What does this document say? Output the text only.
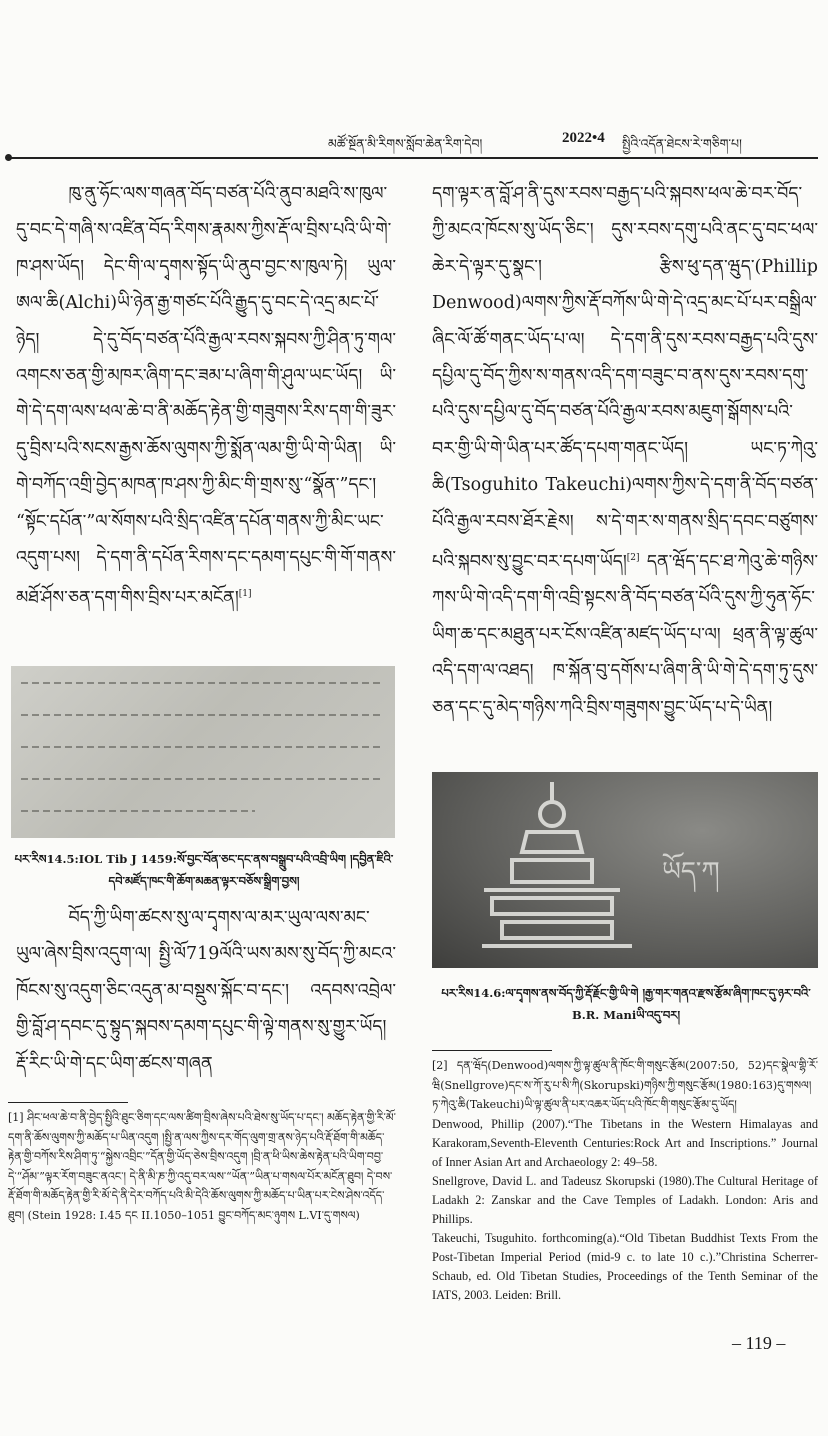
མཚོ་སྔོན་མི་རིགས་སློབ་ཆེན་རིག་དེབ།	2022•4 སྤྱིའི་འདོན་ཐེངས་རེ་གཅིག་པ།

ཁུ་ནུ་ཧོང་ལས་གཞན་བོད་བཙན་པོའི་ནུབ་མཐའི་ས་ཁུལ་དུ་བང་དེ་གཞི་ས་འཛིན་བོད་རིགས་རྣམས་ཀྱིས་རྡོ་ལ་བྲིས་པའི་ཡི་གེ་ཁ་ཤས་ཡོད། དེང་གི་ལ་དྭགས་སྟོད་ཡི་ནུབ་བྱང་ས་ཁུལ་ཏེ། ཡུལ་ཨལ་ཆི(Alchi)ཡི་ཉེན་རྒྱ་གཙང་པོའི་རྒྱུད་དུ་བང་དེ་འདྲ་མང་པོ་ཉེད། དེ་དུ་བོད་བཙན་པོའི་རྒྱལ་རབས་སྐབས་ཀྱི་ཤིན་ཏུ་གལ་འགངས་ཅན་གྱི་མཁར་ཞིག་དང་ཟམ་པ་ཞིག་གི་ཤུལ་ཡང་ཡོད། ཡི་གེ་དེ་དག་ལས་ཕལ་ཆེ་བ་ནི་མཆོད་རྟེན་གྱི་གཟུགས་རིས་དག་གི་ཟུར་དུ་བྲིས་པའི་སངས་རྒྱས་ཆོས་ལུགས་ཀྱི་སྨོན་ལམ་གྱི་ཡི་གེ་ཡིན། ཡི་གེ་བཀོད་འགྲི་བྱེད་མཁན་ཁ་ཤས་ཀྱི་མིང་གི་གྲས་སུ་“སྣོན་”དང་། “སྟོང་དཔོན་”ལ་སོགས་པའི་སྲིད་འཛིན་དཔོན་གནས་ཀྱི་མིང་ཡང་འདུག་པས། དེ་དག་ནི་དཔོན་རིགས་དང་དམག་དཔུང་གི་གོ་གནས་མཐོ་ཤོས་ཅན་དག་གིས་བྲིས་པར་མངོན།[1]

པར་རིས14.5:IOL Tib J 1459:སོ་བྱང་བོན་ཅང་དང་ནས་བསྒྲུབ་པའི་འབྲི་ཡིག །དབྱིན་ཇིའི་དབེ་མཛོད་ཁང་གི་ཆོག་མཆན་ལྟར་བཅོས་སྒྲིག་བྱས།

བོད་ཀྱི་ཡིག་ཚངས་སུ་ལ་དྭགས་ལ་མར་ཡུལ་ལས་མང་ཡུལ་ཞེས་བྲིས་འདུག་ལ། སྤྱི་ལོ719ལོའི་ཡས་མས་སུ་བོད་ཀྱི་མངའ་ཁོངས་སུ་འདུག་ཅིང་འདུན་མ་བསྡུས་སྐོང་བ་དང་། འདབས་འབྲེལ་གྱི་བློ་ཤ་དབང་དུ་སྟུད་སྐབས་དམག་དཔུང་གི་ལྟེ་གནས་སུ་གྱུར་ཡོད། རྡོ་རིང་ཡི་གེ་དང་ཡིག་ཚངས་གཞན

[1] ཤིང་ཕལ་ཆེ་བ་ནི་བྱེད་སྤྱིའི་ཐུང་ཅིག་དང་ལས་ཚིག་བྲིས་ཞེས་པའི་ཐེས་སུ་ཡོད་པ་དང་། མཆོད་རྟེན་གྱི་རི་མོ་དག་ནི་ཆོས་ལུགས་ཀྱི་མཆོད་པ་ཡིན་འདུག །སྤྱི་ན་ལས་ཀྱིས་དར་གོད་ལུག་གྲ་ནས་ཉེད་པའི་རྡོ་ཐོག་གི་མཆོད་རྟེན་གྱི་བཀོས་རིས་ཤིག་ཏུ་“སྐྱེས་འབྲིང་”དོན་གྱི་ཡོད་ཅེས་བྲིས་འདུག །བྲི་ན་ཕི་ཡིས་ཆེས་རྟེན་པའི་ཡིག་བབྱ་དེ་“ཤོམ་”ལྟར་རོག་བཟུང་ནའང་། དེ་ནི་མི་ཎ་ཀྱི་འདུ་བར་ལས་“ཡོན་”ཡིན་པ་གསལ་པོར་མངོན་ཐུབ། དེ་བས་རྡོ་ཐོག་གི་མཆོད་རྟེན་གྱི་རི་མོ་དེ་ནི་དེར་བཀོད་པའི་མི་དེའི་ཆོས་ལུགས་ཀྱི་མཆོད་པ་ཡིན་པར་ངེས་ཤེས་འདོད་ཐུབ། (Stein 1928: I.45 དང II.1050–1051 བྱུང་བཀོད་མང་ཉུགས L.VI་དུ་གསལ)

དག་ལྟར་ན་བློ་ཤ་ནི་དུས་རབས་བརྒྱད་པའི་སྐབས་ཕལ་ཆེ་བར་བོད་ཀྱི་མངའ་ཁོངས་སུ་ཡོད་ཅིང་། དུས་རབས་དགུ་པའི་ནང་དུ་བང་ཕལ་ཆེར་དེ་ལྟར་དུ་སྣང་། རྩིས་ཕུ་དན་ཝུད་(Phillip Denwood)ལགས་ཀྱིས་རྡོ་བཀོས་ཡི་གེ་དེ་འདྲ་མང་པོ་པར་བསྒྲིལ་ཞིང་ལོ་ཚོ་གནང་ཡོད་པ་ལ། དེ་དག་ནི་དུས་རབས་བརྒྱད་པའི་དུས་དཔྱིལ་དུ་བོད་ཀྱིས་ས་གནས་འདི་དག་བཟུང་བ་ནས་དུས་རབས་དགུ་པའི་དུས་དཔྱིལ་དུ་བོད་བཙན་པོའི་རྒྱལ་རབས་མཇུག་སྒོགས་པའི་བར་གྱི་ཡི་གེ་ཡིན་པར་ཚོད་དཔག་གནང་ཡོད། ཡང་ཏ་ཀེའུ་ཆི(Tsoguhito Takeuchi)ལགས་ཀྱིས་དེ་དག་ནི་བོད་བཙན་པོའི་རྒྱལ་རབས་ཐོར་རྗེས། ས་དེ་གར་ས་གནས་སྲིད་དབང་བཙུགས་པའི་སྐབས་སུ་བྱུང་བར་དཔག་ཡོད།[2] དན་ཝོད་དང་ཐ་ཀེའུ་ཆེ་གཉིས་ཀས་ཡི་གེ་འདི་དག་གི་འབྲི་སྟངས་ནི་བོད་བཙན་པོའི་དུས་ཀྱི་ཧུན་ཧོང་ཡིག་ཆ་དང་མཐུན་པར་ངོས་འཛིན་མཛད་ཡོད་པ་ལ། ཕྲན་ནི་ལྟ་ཚུལ་འདི་དག་ལ་འཐད། ཁ་སྐོན་བུ་དགོས་པ་ཞིག་ནི་ཡི་གེ་དེ་དག་ཏུ་དུས་ཅན་དང་དུ་མེད་གཉིས་ཀའི་བྲིས་གཟུགས་བྱུང་ཡོད་པ་དེ་ཡིན།

ཡོད་ཀ
པར་རིས14.6:ལ་དྭགས་ནས་བོད་ཀྱི་རྡོ་རྗོང་གྱི་ཡི་གེ །རྒྱ་གར་གནའ་རྫས་རྩོམ་ཞིག་ཁང་དུ་ཉར་བའི་B.R. Maniཡི་འདུ་བར།
[2] དན་ཝོད(Denwood)ལགས་ཀྱི་ལྟ་ཚུལ་ནི་ཁོང་གི་གསུང་རྩོམ(2007:50, 52)དང་སྣེལ་གྷི་རོ་ཝི(Snellgrove)དང་ས་ཀོ་རུ་པ་སི་ཀི(Skorupski)གཉིས་ཀྱི་གསུང་རྩོམ(1980:163)དུ་གསལ། ཏ་ཀེའུ་ཆི(Takeuchi)ཡི་ལྟ་ཚུལ་ནི་པར་འཆར་ཡོད་པའི་ཁོང་གི་གསུང་རྩོམ་དུ་ཡོད།
Denwood, Phillip (2007).“The Tibetans in the Western Himalayas and Karakoram,Seventh-Eleventh Centuries:Rock Art and Inscriptions.” Journal of Inner Asian Art and Archaeology 2: 49–58.
Snellgrove, David L. and Tadeusz Skorupski (1980).The Cultural Heritage of Ladakh 2: Zanskar and the Cave Temples of Ladakh. London: Aris and Phillips.
Takeuchi, Tsuguhito. forthcoming(a).“Old Tibetan Buddhist Texts From the Post-Tibetan Imperial Period (mid-9 c. to late 10 c.).”Christina Scherrer-Schaub, ed. Old Tibetan Studies, Proceedings of the Tenth Seminar of the IATS, 2003. Leiden: Brill.
– 119 –
